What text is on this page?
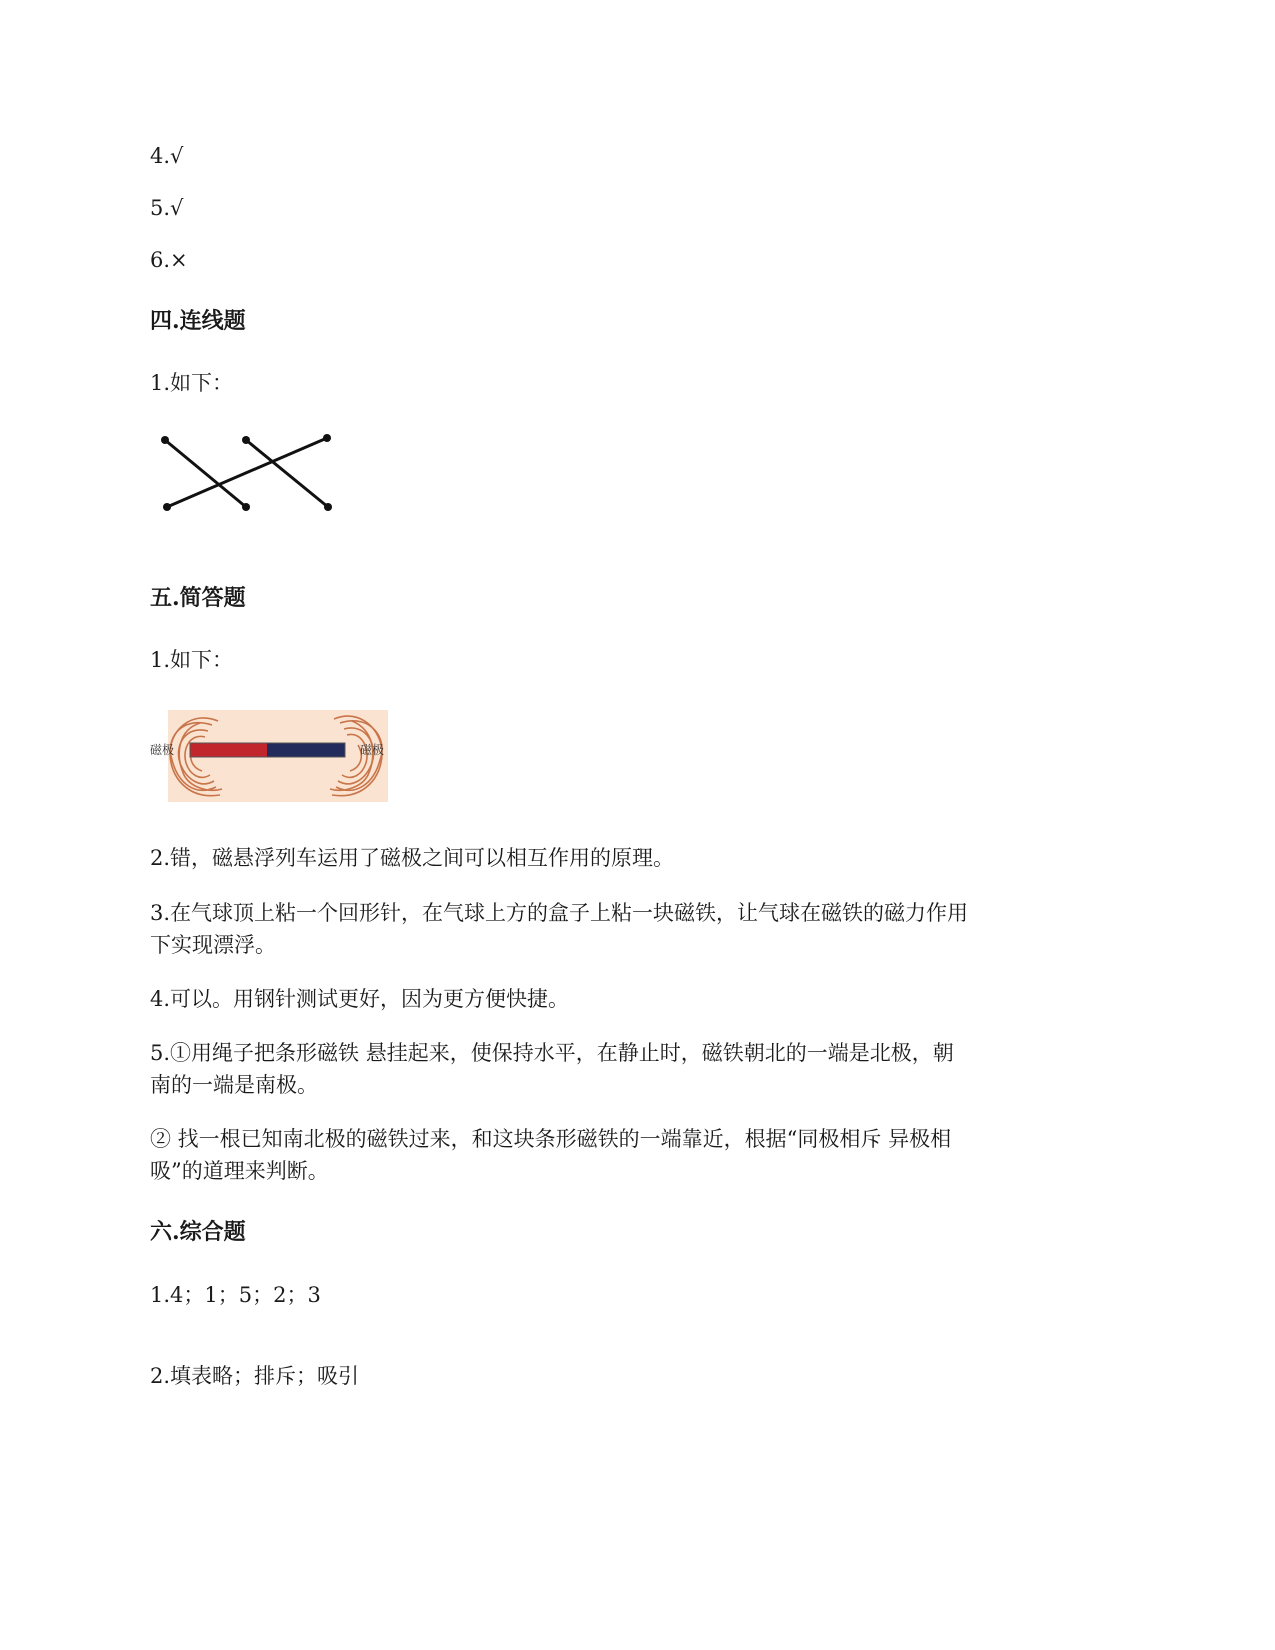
4.√
5.√
6.×
四.连线题
1.如下：
五.简答题
1.如下：
磁极	磁极
2.错，磁悬浮列车运用了磁极之间可以相互作用的原理。
3.在气球顶上粘一个回形针，在气球上方的盒子上粘一块磁铁，让气球在磁铁的磁力作用
下实现漂浮。
4.可以。用钢针测试更好，因为更方便快捷。
5.①用绳子把条形磁铁 悬挂起来，使保持水平，在静止时，磁铁朝北的一端是北极，朝
南的一端是南极。
② 找一根已知南北极的磁铁过来，和这块条形磁铁的一端靠近，根据“同极相斥 异极相
吸”的道理来判断。
六.综合题
1.4；1；5；2；3
2.填表略；排斥；吸引
